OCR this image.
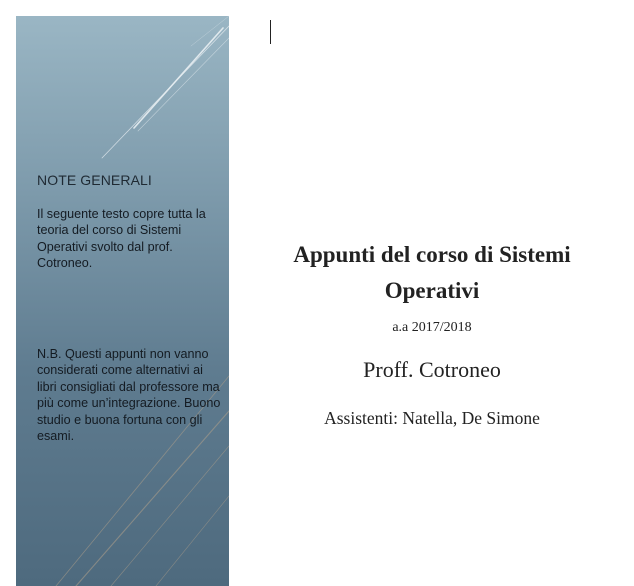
NOTE GENERALI

Il seguente testo copre tutta la teoria del corso di Sistemi Operativi svolto dal prof. Cotroneo.

N.B. Questi appunti non vanno considerati come alternativi ai libri consigliati dal professore ma più come un’integrazione. Buono studio e buona fortuna con gli esami.

Appunti del corso di Sistemi Operativi
a.a 2017/2018
Proff. Cotroneo
Assistenti: Natella, De Simone
